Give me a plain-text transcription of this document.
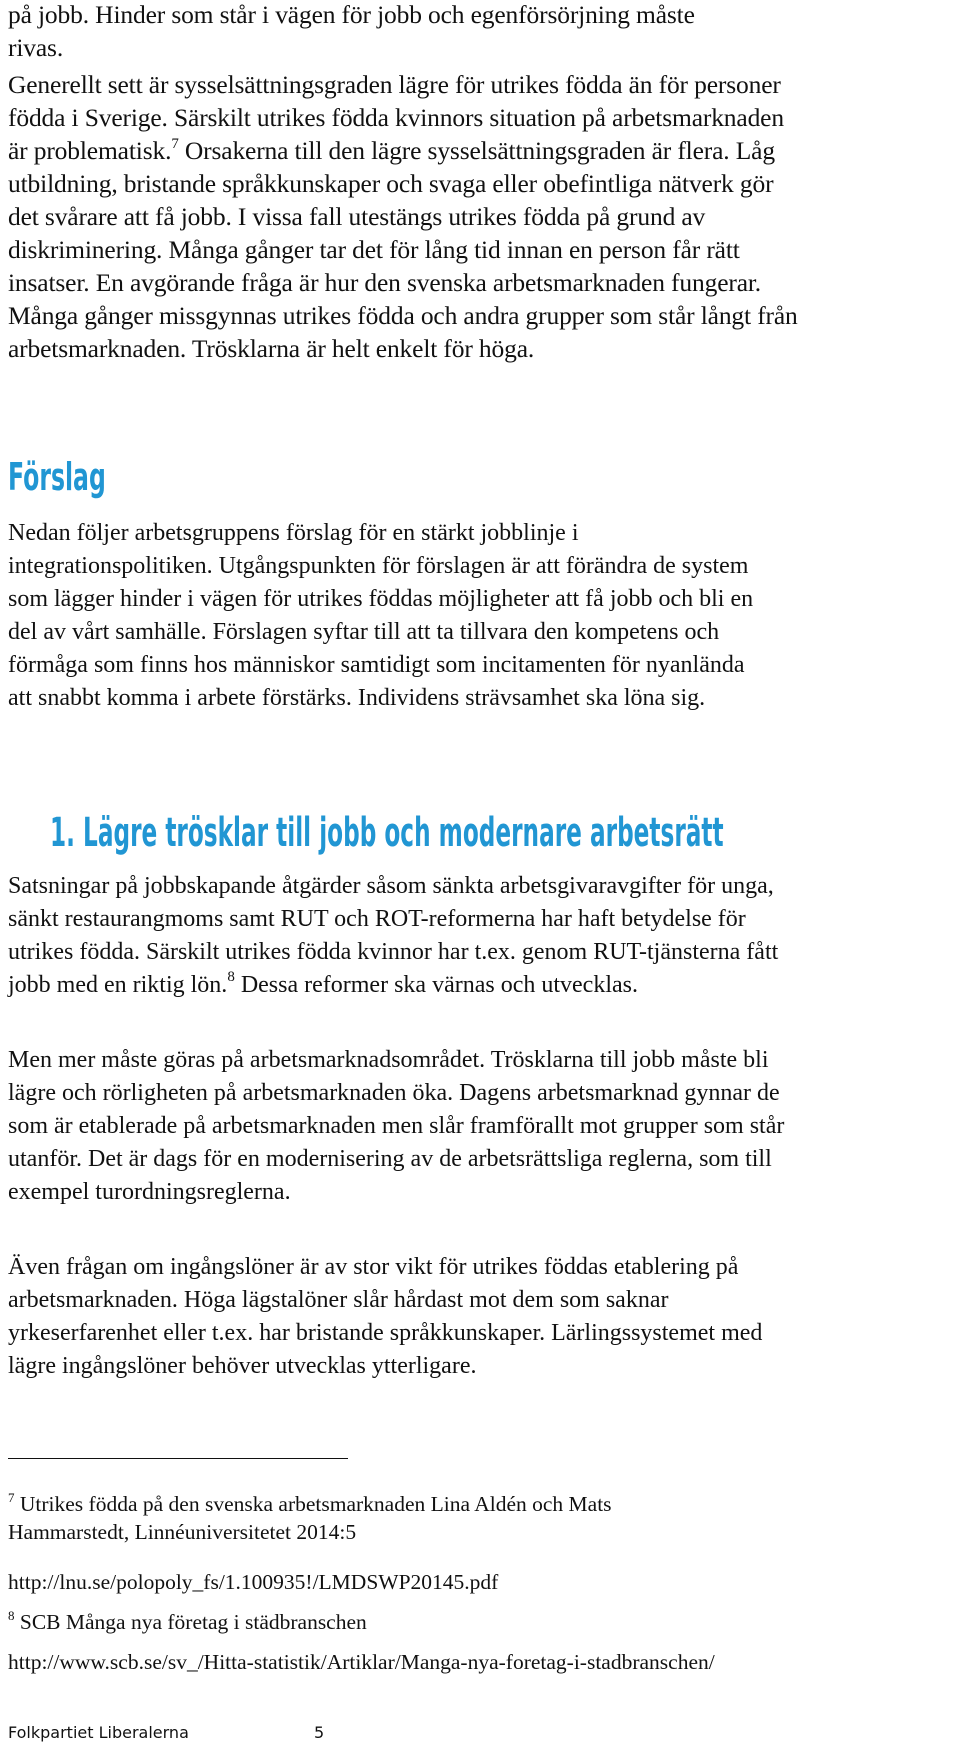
på jobb. Hinder som står i vägen för jobb och egenförsörjning måste rivas.

Generellt sett är sysselsättningsgraden lägre för utrikes födda än för personer födda i Sverige. Särskilt utrikes födda kvinnors situation på arbetsmarknaden är problematisk.$^7$ Orsakerna till den lägre sysselsättningsgraden är flera. Låg utbildning, bristande språkkunskaper och svaga eller obefintliga nätverk gör det svårare att få jobb. I vissa fall utestängs utrikes födda på grund av diskriminering. Många gånger tar det för lång tid innan en person får rätt insatser. En avgörande fråga är hur den svenska arbetsmarknaden fungerar. Många gånger missgynnas utrikes födda och andra grupper som står långt från arbetsmarknaden. Trösklarna är helt enkelt för höga.

Förslag

Nedan följer arbetsgruppens förslag för en stärkt jobblinje i integrationspolitiken. Utgångspunkten för förslagen är att förändra de system som lägger hinder i vägen för utrikes föddas möjligheter att få jobb och bli en del av vårt samhälle. Förslagen syftar till att ta tillvara den kompetens och förmåga som finns hos människor samtidigt som incitamenten för nyanlända att snabbt komma i arbete förstärks. Individens strävsamhet ska löna sig.

1. Lägre trösklar till jobb och modernare arbetsrätt

Satsningar på jobbskapande åtgärder såsom sänkta arbetsgivaravgifter för unga, sänkt restaurangmoms samt RUT och ROT-reformerna har haft betydelse för utrikes födda. Särskilt utrikes födda kvinnor har t.ex. genom RUT-tjänsterna fått jobb med en riktig lön.$^8$ Dessa reformer ska värnas och utvecklas.

Men mer måste göras på arbetsmarknadsområdet. Trösklarna till jobb måste bli lägre och rörligheten på arbetsmarknaden öka. Dagens arbetsmarknad gynnar de som är etablerade på arbetsmarknaden men slår framförallt mot grupper som står utanför. Det är dags för en modernisering av de arbetsrättsliga reglerna, som till exempel turordningsreglerna.

Även frågan om ingångslöner är av stor vikt för utrikes föddas etablering på arbetsmarknaden. Höga lägstalöner slår hårdast mot dem som saknar yrkeserfarenhet eller t.ex. har bristande språkkunskaper. Lärlingssystemet med lägre ingångslöner behöver utvecklas ytterligare.

$^7$ Utrikes födda på den svenska arbetsmarknaden Lina Aldén och Mats Hammarstedt, Linnéuniversitetet 2014:5

http://lnu.se/polopoly_fs/1.100935!/LMDSWP20145.pdf

$^8$ SCB Många nya företag i städbranschen

http://www.scb.se/sv_/Hitta-statistik/Artiklar/Manga-nya-foretag-i-stadbranschen/

Folkpartiet Liberalerna	5
